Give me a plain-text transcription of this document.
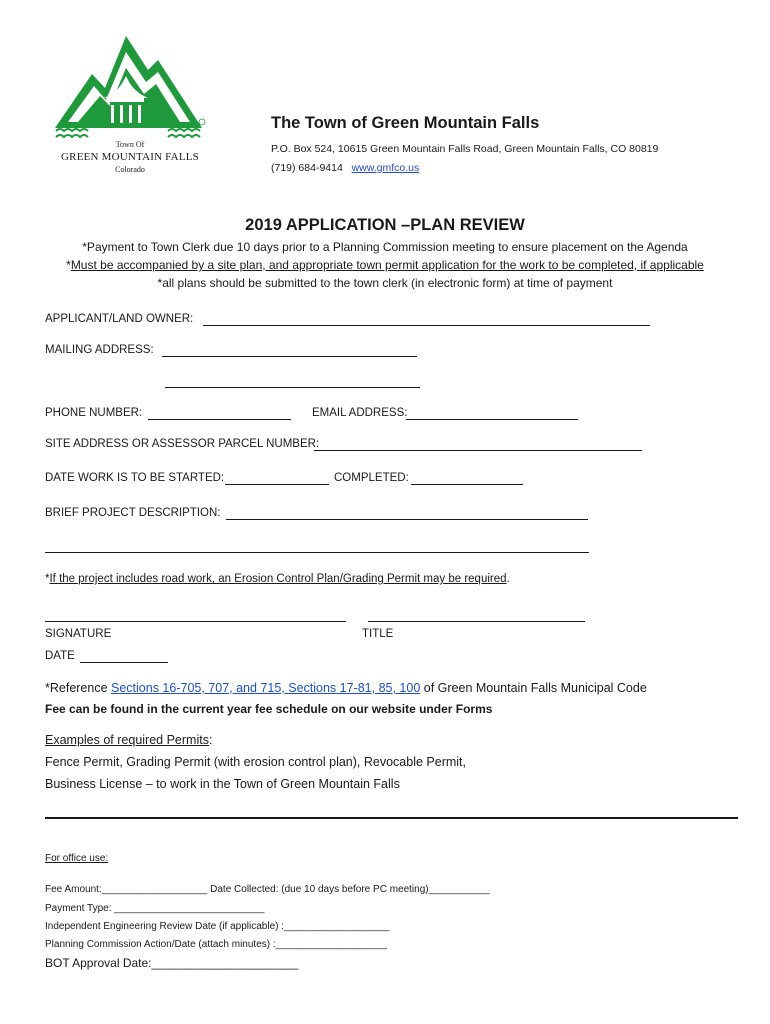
Town Of
GREEN MOUNTAIN FALLS
Colorado
The Town of Green Mountain Falls
P.O. Box 524, 10615 Green Mountain Falls Road, Green Mountain Falls, CO 80819
(719) 684-9414 www.gmfco.us
2019 APPLICATION –PLAN REVIEW
*Payment to Town Clerk due 10 days prior to a Planning Commission meeting to ensure placement on the Agenda
*Must be accompanied by a site plan, and appropriate town permit application for the work to be completed, if applicable
*all plans should be submitted to the town clerk (in electronic form) at time of payment
APPLICANT/LAND OWNER:
MAILING ADDRESS:
PHONE NUMBER:	EMAIL ADDRESS:
SITE ADDRESS OR ASSESSOR PARCEL NUMBER:
DATE WORK IS TO BE STARTED:	COMPLETED:
BRIEF PROJECT DESCRIPTION:
*If the project includes road work, an Erosion Control Plan/Grading Permit may be required.
SIGNATURE	TITLE
DATE
*Reference Sections 16-705, 707, and 715, Sections 17-81, 85, 100 of Green Mountain Falls Municipal Code
Fee can be found in the current year fee schedule on our website under Forms
Examples of required Permits:
Fence Permit, Grading Permit (with erosion control plan), Revocable Permit,
Business License – to work in the Town of Green Mountain Falls
For office use:
Fee Amount:___________________ Date Collected: (due 10 days before PC meeting)___________
Payment Type: ___________________________
Independent Engineering Review Date (if applicable) :___________________
Planning Commission Action/Date (attach minutes) :____________________
BOT Approval Date:______________________
